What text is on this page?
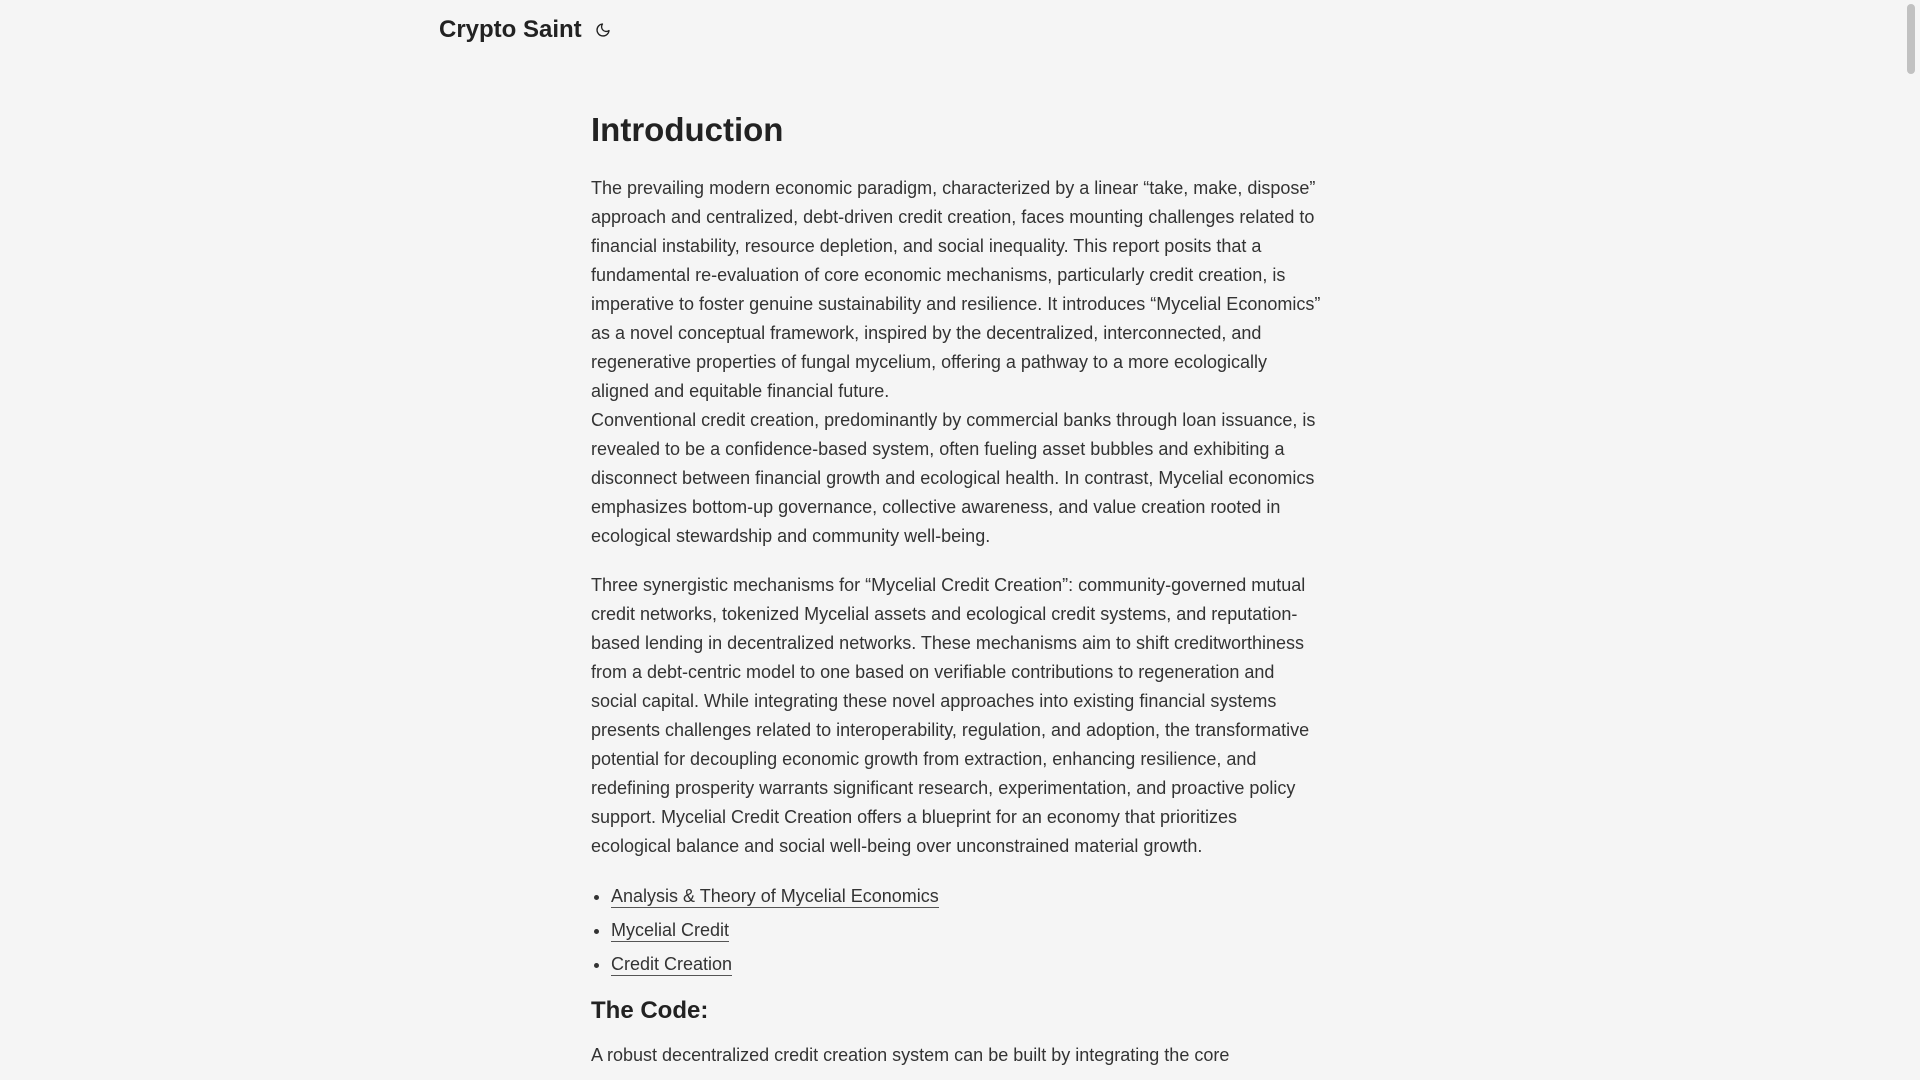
Crypto Saint
Introduction

The prevailing modern economic paradigm, characterized by a linear “take, make, dispose” approach and centralized, debt-driven credit creation, faces mounting challenges related to financial instability, resource depletion, and social inequality. This report posits that a fundamental re-evaluation of core economic mechanisms, particularly credit creation, is imperative to foster genuine sustainability and resilience. It introduces “Mycelial Economics” as a novel conceptual framework, inspired by the decentralized, interconnected, and regenerative properties of fungal mycelium, offering a pathway to a more ecologically aligned and equitable financial future.

Conventional credit creation, predominantly by commercial banks through loan issuance, is revealed to be a confidence-based system, often fueling asset bubbles and exhibiting a disconnect between financial growth and ecological health. In contrast, Mycelial economics emphasizes bottom-up governance, collective awareness, and value creation rooted in ecological stewardship and community well-being.

Three synergistic mechanisms for “Mycelial Credit Creation”: community-governed mutual credit networks, tokenized Mycelial assets and ecological credit systems, and reputation-based lending in decentralized networks. These mechanisms aim to shift creditworthiness from a debt-centric model to one based on verifiable contributions to regeneration and social capital. While integrating these novel approaches into existing financial systems presents challenges related to interoperability, regulation, and adoption, the transformative potential for decoupling economic growth from extraction, enhancing resilience, and redefining prosperity warrants significant research, experimentation, and proactive policy support. Mycelial Credit Creation offers a blueprint for an economy that prioritizes ecological balance and social well-being over unconstrained material growth.

• Analysis & Theory of Mycelial Economics
• Mycelial Credit
• Credit Creation
The Code:

A robust decentralized credit creation system can be built by integrating the core
